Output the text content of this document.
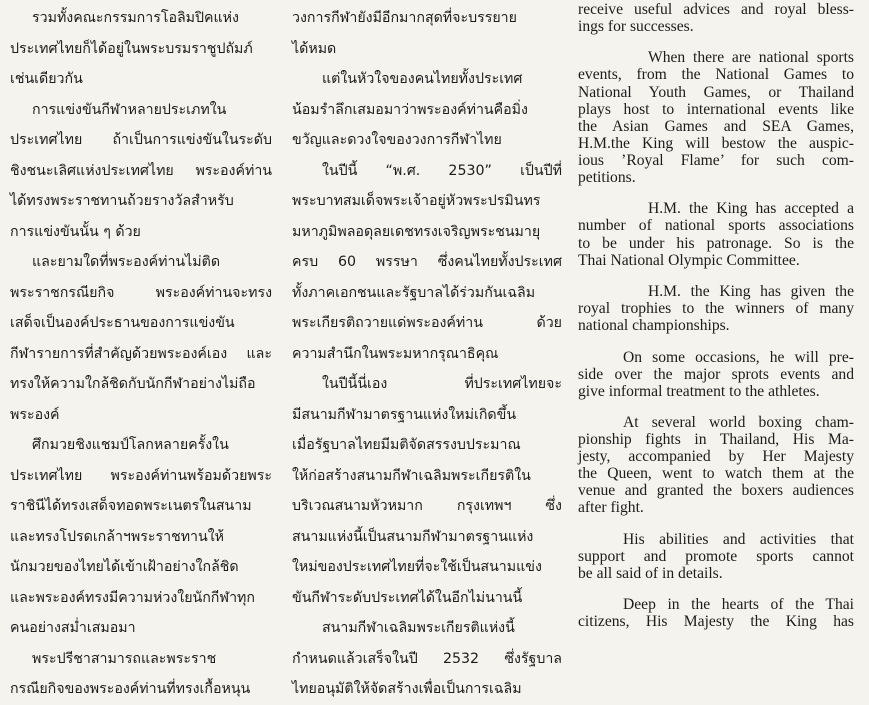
รวมทั้งคณะกรรมการโอลิมปิคแห่ง
ประเทศไทยก็ได้อยู่ในพระบรมราชูปถัมภ์
เช่นเดียวกัน
การแข่งขันกีฬาหลายประเภทใน
ประเทศไทย ถ้าเป็นการแข่งขันในระดับ
ชิงชนะเลิศแห่งประเทศไทย พระองค์ท่าน
ได้ทรงพระราชทานถ้วยรางวัลสำหรับ
การแข่งขันนั้น ๆ ด้วย
และยามใดที่พระองค์ท่านไม่ติด
พระราชกรณียกิจ พระองค์ท่านจะทรง
เสด็จเป็นองค์ประธานของการแข่งขัน
กีฬารายการที่สำคัญด้วยพระองค์เอง และ
ทรงให้ความใกล้ชิดกับนักกีฬาอย่างไม่ถือ
พระองค์
ศึกมวยชิงแชมป์โลกหลายครั้งใน
ประเทศไทย พระองค์ท่านพร้อมด้วยพระ
ราชินีได้ทรงเสด็จทอดพระเนตรในสนาม
และทรงโปรดเกล้าฯพระราชทานให้
นักมวยของไทยได้เข้าเฝ้าอย่างใกล้ชิด
และพระองค์ทรงมีความห่วงใยนักกีฬาทุก
คนอย่างสม่ำเสมอมา
พระปรีชาสามารถและพระราช
กรณียกิจของพระองค์ท่านที่ทรงเกื้อหนุน
วงการกีฬายังมีอีกมากสุดที่จะบรรยาย
ได้หมด
แต่ในหัวใจของคนไทยทั้งประเทศ
น้อมรำลึกเสมอมาว่าพระองค์ท่านคือมิ่ง
ขวัญและดวงใจของวงการกีฬาไทย
ในปีนี้ “พ.ศ. 2530” เป็นปีที่
พระบาทสมเด็จพระเจ้าอยู่หัวพระปรมินทร
มหาภูมิพลอดุลยเดชทรงเจริญพระชนมายุ
ครบ 60 พรรษา ซึ่งคนไทยทั้งประเทศ
ทั้งภาคเอกชนและรัฐบาลได้ร่วมกันเฉลิม
พระเกียรติถวายแด่พระองค์ท่าน ด้วย
ความสำนึกในพระมหากรุณาธิคุณ
ในปีนี้นี่เอง ที่ประเทศไทยจะ
มีสนามกีฬามาตรฐานแห่งใหม่เกิดขึ้น
เมื่อรัฐบาลไทยมีมติจัดสรรงบประมาณ
ให้ก่อสร้างสนามกีฬาเฉลิมพระเกียรติใน
บริเวณสนามหัวหมาก กรุงเทพฯ ซึ่ง
สนามแห่งนี้เป็นสนามกีฬามาตรฐานแห่ง
ใหม่ของประเทศไทยที่จะใช้เป็นสนามแข่ง
ขันกีฬาระดับประเทศได้ในอีกไม่นานนี้
สนามกีฬาเฉลิมพระเกียรติแห่งนี้
กำหนดแล้วเสร็จในปี 2532 ซึ่งรัฐบาล
ไทยอนุมัติให้จัดสร้างเพื่อเป็นการเฉลิม
receive useful advices and royal bless-
ings for successes.
When there are national sports
events, from the National Games to
National Youth Games, or Thailand
plays host to international events like
the Asian Games and SEA Games,
H.M.the King will bestow the auspic-
ious ’Royal Flame’ for such com-
petitions.
H.M. the King has accepted a
number of national sports associations
to be under his patronage. So is the
Thai National Olympic Committee.
H.M. the King has given the
royal trophies to the winners of many
national championships.
On some occasions, he will pre-
side over the major sprots events and
give informal treatment to the athletes.
At several world boxing cham-
pionship fights in Thailand, His Ma-
jesty, accompanied by Her Majesty
the Queen, went to watch them at the
venue and granted the boxers audiences
after fight.
His abilities and activities that
support and promote sports cannot
be all said of in details.
Deep in the hearts of the Thai
citizens, His Majesty the King has
